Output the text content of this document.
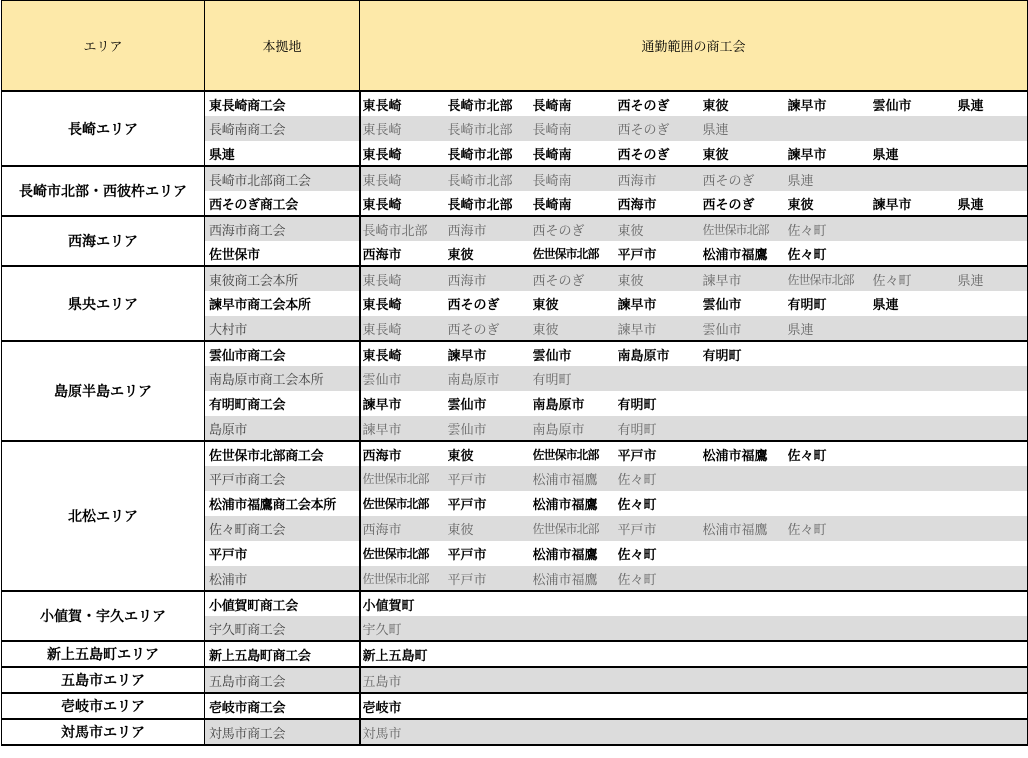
エリア	本拠地	通勤範囲の商工会
長崎エリア	東長崎商工会	東長崎 長崎市北部 長崎南 西そのぎ 東彼 諫早市 雲仙市 県連
	長崎南商工会	東長崎 長崎市北部 長崎南 西そのぎ 県連
	県連	東長崎 長崎市北部 長崎南 西そのぎ 東彼 諫早市 県連
長崎市北部・西彼杵エリア	長崎市北部商工会	東長崎 長崎市北部 長崎南 西海市 西そのぎ 県連
	西そのぎ商工会	東長崎 長崎市北部 長崎南 西海市 西そのぎ 東彼 諫早市 県連
西海エリア	西海市商工会	長崎市北部 西海市 西そのぎ 東彼 佐世保市北部 佐々町
	佐世保市	西海市 東彼 佐世保市北部 平戸市 松浦市福鷹 佐々町
県央エリア	東彼商工会本所	東長崎 西海市 西そのぎ 東彼 諫早市 佐世保市北部 佐々町 県連
	諫早市商工会本所	東長崎 西そのぎ 東彼 諫早市 雲仙市 有明町 県連
	大村市	東長崎 西そのぎ 東彼 諫早市 雲仙市 県連
島原半島エリア	雲仙市商工会	東長崎 諫早市 雲仙市 南島原市 有明町
	南島原市商工会本所	雲仙市 南島原市 有明町
	有明町商工会	諫早市 雲仙市 南島原市 有明町
	島原市	諫早市 雲仙市 南島原市 有明町
北松エリア	佐世保市北部商工会	西海市 東彼 佐世保市北部 平戸市 松浦市福鷹 佐々町
	平戸市商工会	佐世保市北部 平戸市 松浦市福鷹 佐々町
	松浦市福鷹商工会本所	佐世保市北部 平戸市 松浦市福鷹 佐々町
	佐々町商工会	西海市 東彼 佐世保市北部 平戸市 松浦市福鷹 佐々町
	平戸市	佐世保市北部 平戸市 松浦市福鷹 佐々町
	松浦市	佐世保市北部 平戸市 松浦市福鷹 佐々町
小値賀・宇久エリア	小値賀町商工会	小値賀町
	宇久町商工会	宇久町
新上五島町エリア	新上五島町商工会	新上五島町
五島市エリア	五島市商工会	五島市
壱岐市エリア	壱岐市商工会	壱岐市
対馬市エリア	対馬市商工会	対馬市
